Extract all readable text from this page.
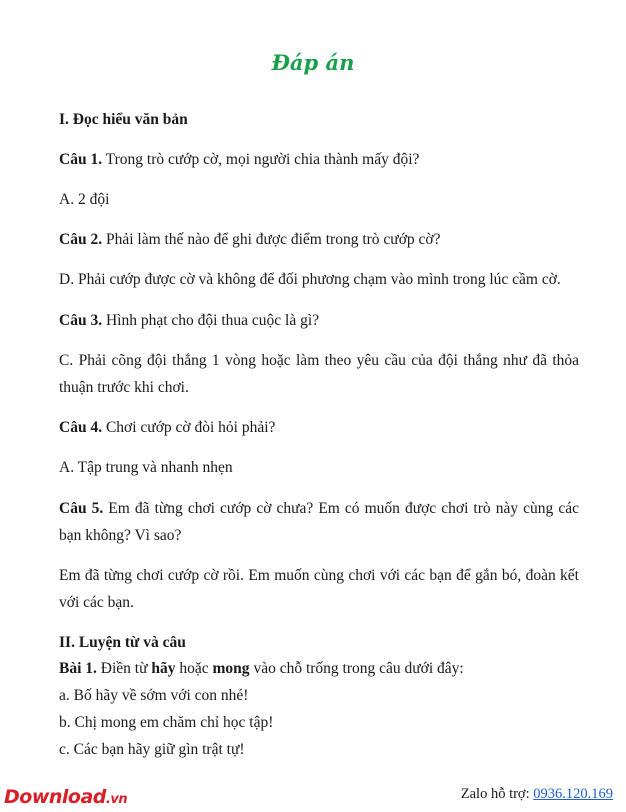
Đáp án
I. Đọc hiểu văn bản
Câu 1. Trong trò cướp cờ, mọi người chia thành mấy đội?
A. 2 đội
Câu 2. Phải làm thế nào để ghi được điểm trong trò cướp cờ?
D. Phải cướp được cờ và không để đối phương chạm vào mình trong lúc cầm cờ.
Câu 3. Hình phạt cho đội thua cuộc là gì?
C. Phải cõng đội thắng 1 vòng hoặc làm theo yêu cầu của đội thắng như đã thỏa
thuận trước khi chơi.
Câu 4. Chơi cướp cờ đòi hỏi phải?
A. Tập trung và nhanh nhẹn
Câu 5. Em đã từng chơi cướp cờ chưa? Em có muốn được chơi trò này cùng các
bạn không? Vì sao?
Em đã từng chơi cướp cờ rồi. Em muốn cùng chơi với các bạn để gắn bó, đoàn kết
với các bạn.
II. Luyện từ và câu
Bài 1. Điền từ hãy hoặc mong vào chỗ trống trong câu dưới đây:
a. Bố hãy về sớm với con nhé!
b. Chị mong em chăm chỉ học tập!
c. Các bạn hãy giữ gìn trật tự!
Download.vn	Zalo hỗ trợ: 0936.120.169
